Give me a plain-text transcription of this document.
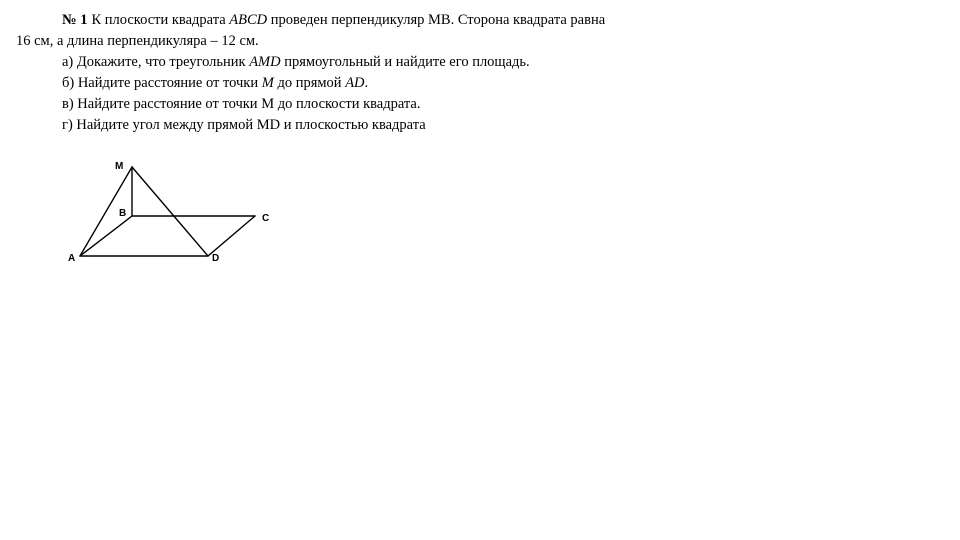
№ 1 К плоскости квадрата ABCD проведен перпендикуляр МВ. Сторона квадрата равна
16 см, а длина перпендикуляра – 12 см.
а) Докажите, что треугольник AMD прямоугольный и найдите его площадь.
б) Найдите расстояние от точки M до прямой AD.
в) Найдите расстояние от точки М до плоскости квадрата.
г) Найдите угол между прямой MD и плоскостью квадрата
M
B	C
A	D
